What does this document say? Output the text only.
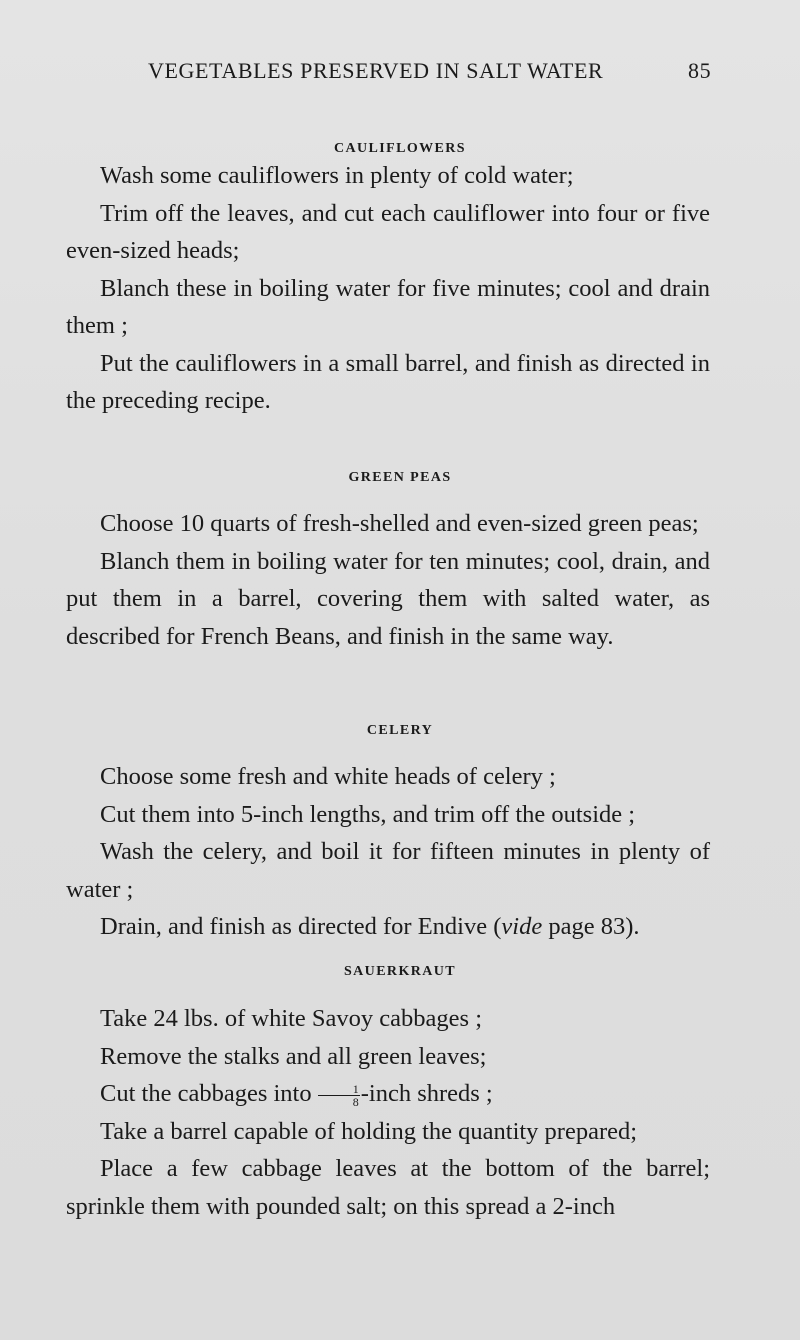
VEGETABLES PRESERVED IN SALT WATER	85
CAULIFLOWERS

Wash some cauliflowers in plenty of cold water;

Trim off the leaves, and cut each cauliflower into four or five even-sized heads;

Blanch these in boiling water for five minutes; cool and drain them ;

Put the cauliflowers in a small barrel, and finish as directed in the preceding recipe.

GREEN PEAS

Choose 10 quarts of fresh-shelled and even-sized green peas;

Blanch them in boiling water for ten minutes; cool, drain, and put them in a barrel, covering them with salted water, as described for French Beans, and finish in the same way.

CELERY

Choose some fresh and white heads of celery ;

Cut them into 5-inch lengths, and trim off the outside ;

Wash the celery, and boil it for fifteen minutes in plenty of water ;

Drain, and finish as directed for Endive (vide page 83).

SAUERKRAUT

Take 24 lbs. of white Savoy cabbages ;

Remove the stalks and all green leaves;

Cut the cabbages into $\frac{1}{8}$ -inch shreds ;

Take a barrel capable of holding the quantity prepared;

Place a few cabbage leaves at the bottom of the barrel; sprinkle them with pounded salt; on this spread a 2-inch
